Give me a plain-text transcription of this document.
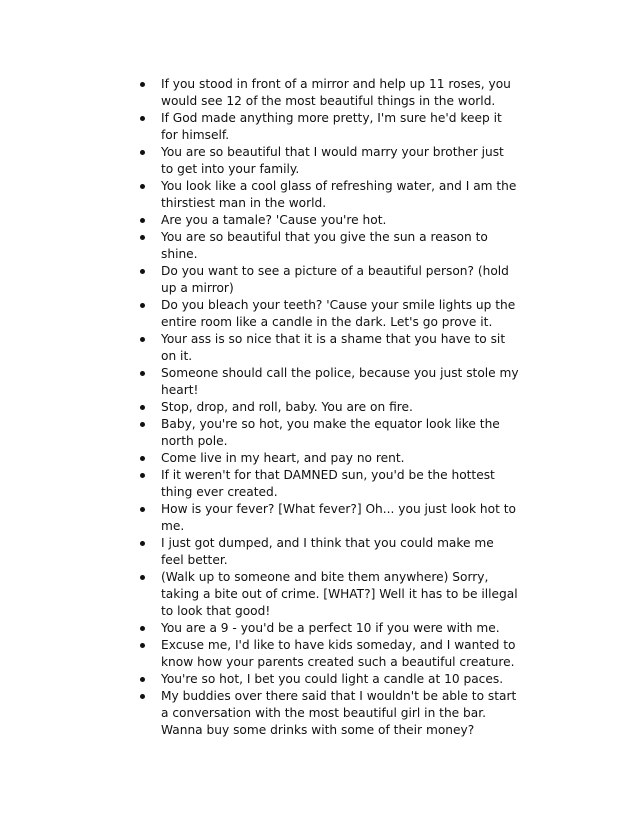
If you stood in front of a mirror and help up 11 roses, you would see 12 of the most beautiful things in the world.
If God made anything more pretty, I'm sure he'd keep it for himself.
You are so beautiful that I would marry your brother just to get into your family.
You look like a cool glass of refreshing water, and I am the thirstiest man in the world.
Are you a tamale? 'Cause you're hot.
You are so beautiful that you give the sun a reason to shine.
Do you want to see a picture of a beautiful person? (hold up a mirror)
Do you bleach your teeth? 'Cause your smile lights up the entire room like a candle in the dark. Let's go prove it.
Your ass is so nice that it is a shame that you have to sit on it.
Someone should call the police, because you just stole my heart!
Stop, drop, and roll, baby. You are on fire.
Baby, you're so hot, you make the equator look like the north pole.
Come live in my heart, and pay no rent.
If it weren't for that DAMNED sun, you'd be the hottest thing ever created.
How is your fever? [What fever?] Oh... you just look hot to me.
I just got dumped, and I think that you could make me feel better.
(Walk up to someone and bite them anywhere) Sorry, taking a bite out of crime. [WHAT?] Well it has to be illegal to look that good!
You are a 9 - you'd be a perfect 10 if you were with me.
Excuse me, I'd like to have kids someday, and I wanted to know how your parents created such a beautiful creature.
You're so hot, I bet you could light a candle at 10 paces.
My buddies over there said that I wouldn't be able to start a conversation with the most beautiful girl in the bar. Wanna buy some drinks with some of their money?
